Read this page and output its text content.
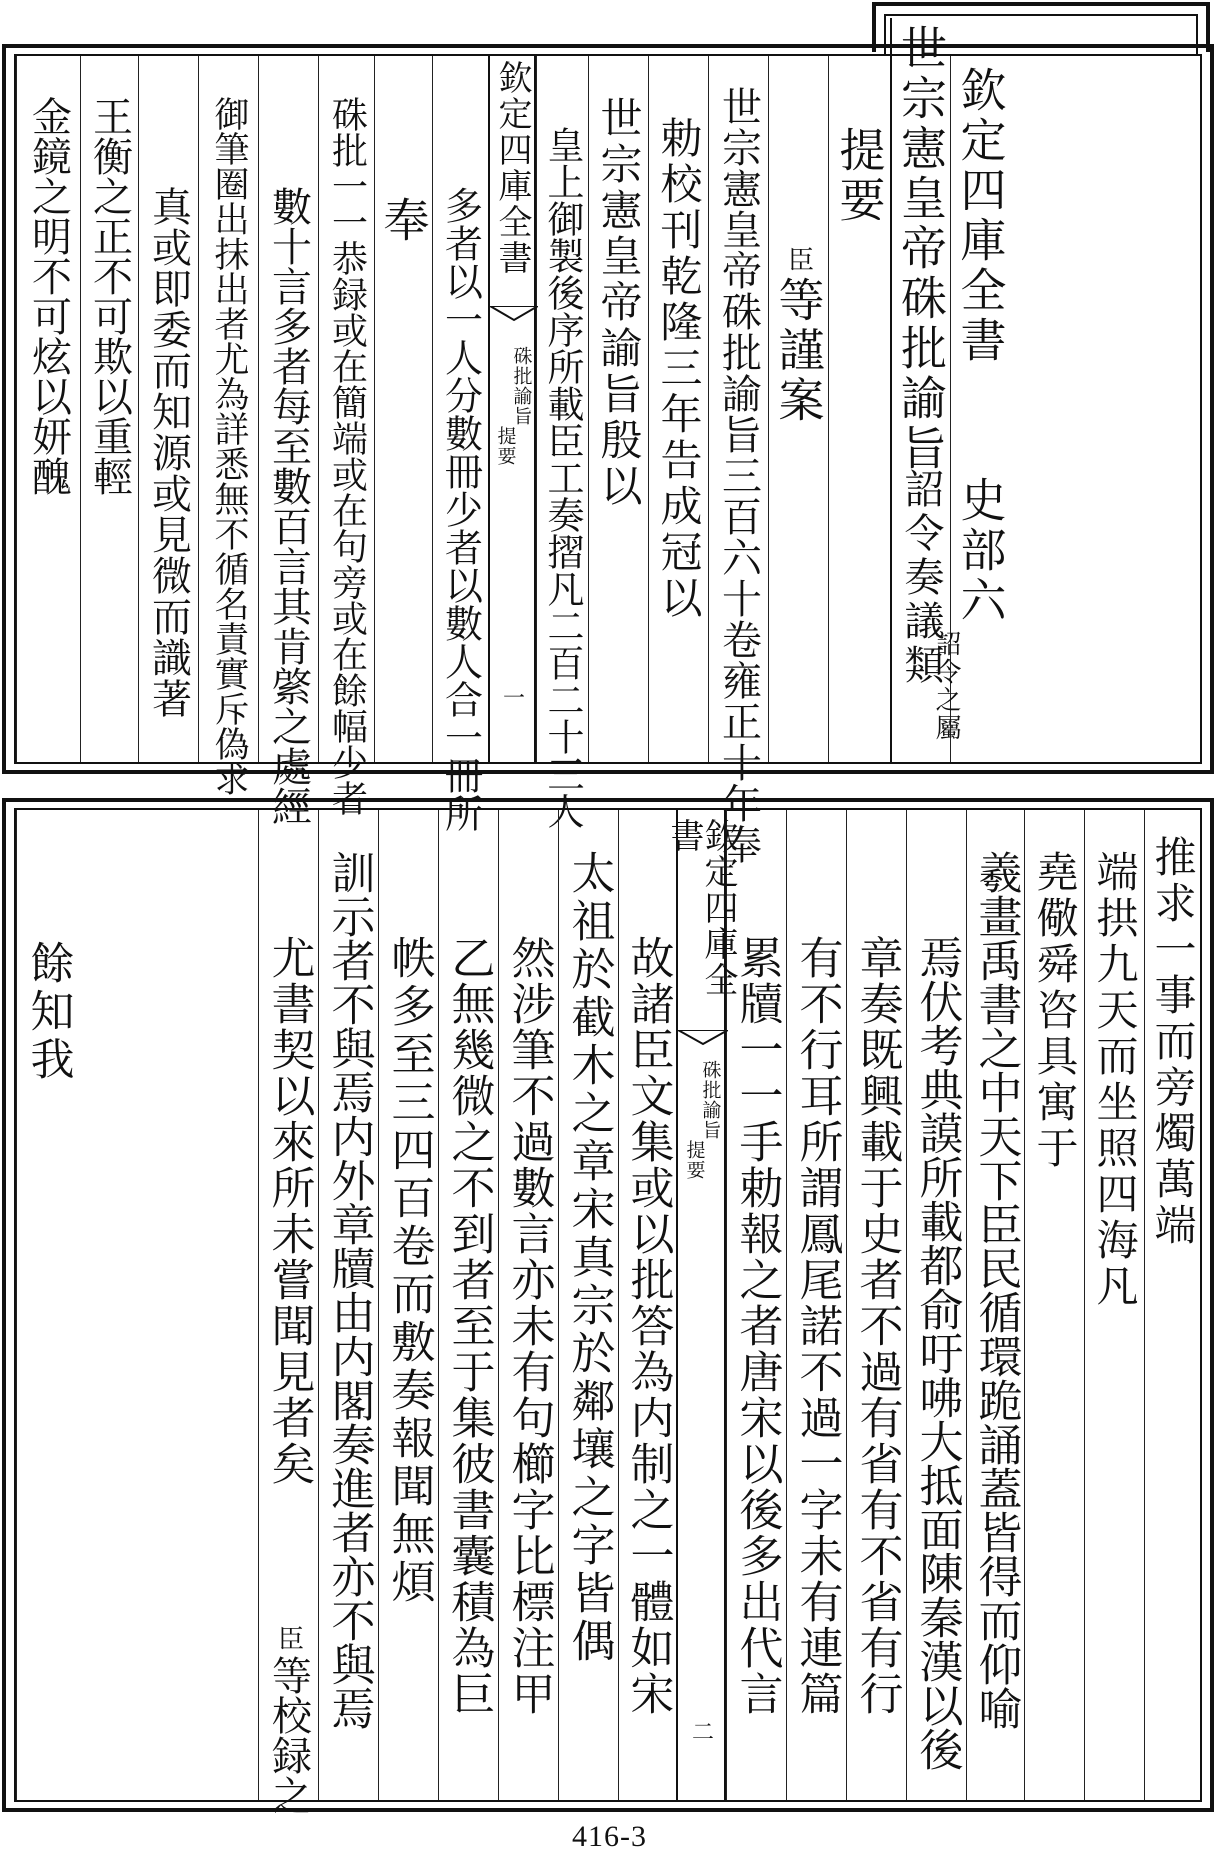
欽定四庫全書
史部六
世宗憲皇帝硃批諭旨
詔令奏議類
詔令之屬
提要
臣
等謹案
世宗憲皇帝硃批諭旨三百六十卷雍正十年奉
勅校刊乾隆三年告成冠以
世宗憲皇帝諭旨殷以
皇上御製後序所載臣工奏摺凡二百二十三人
欽定四庫全書
硃批諭旨
提要
一
多者以一人分數冊少者以數人合一冊所
奉
硃批一一恭録或在簡端或在句旁或在餘幅少者
數十言多者每至數百言其肯綮之處經
御筆圈出抹出者尤為詳悉無不循名責實斥偽求
真或即委而知源或見微而識著
王衡之正不可欺以重輕
金鏡之明不可炫以妍醜
推求一事而旁燭萬端
端拱九天而坐照四海凡
堯儆舜咨具寓于
羲畫禹書之中天下臣民循環跪誦蓋皆得而仰喻
焉伏考典謨所載都俞吁咈大抵面陳秦漢以後
章奏既興載于史者不過有省有不省有行
有不行耳所謂鳳尾諾不過一字未有連篇
累牘一一手勅報之者唐宋以後多出代言
欽定四庫全書
硃批諭旨
提要
二
故諸臣文集或以批答為内制之一體如宋
太祖於截木之章宋真宗於鄰壤之字皆偶
然涉筆不過數言亦未有句櫛字比標注甲
乙無幾微之不到者至于集彼書囊積為巨
帙多至三四百卷而敷奏報聞無煩
訓示者不與焉内外章牘由内閣奏進者亦不與焉
尤書契以來所未嘗聞見者矣
臣
等校録之
餘知我
416-3
